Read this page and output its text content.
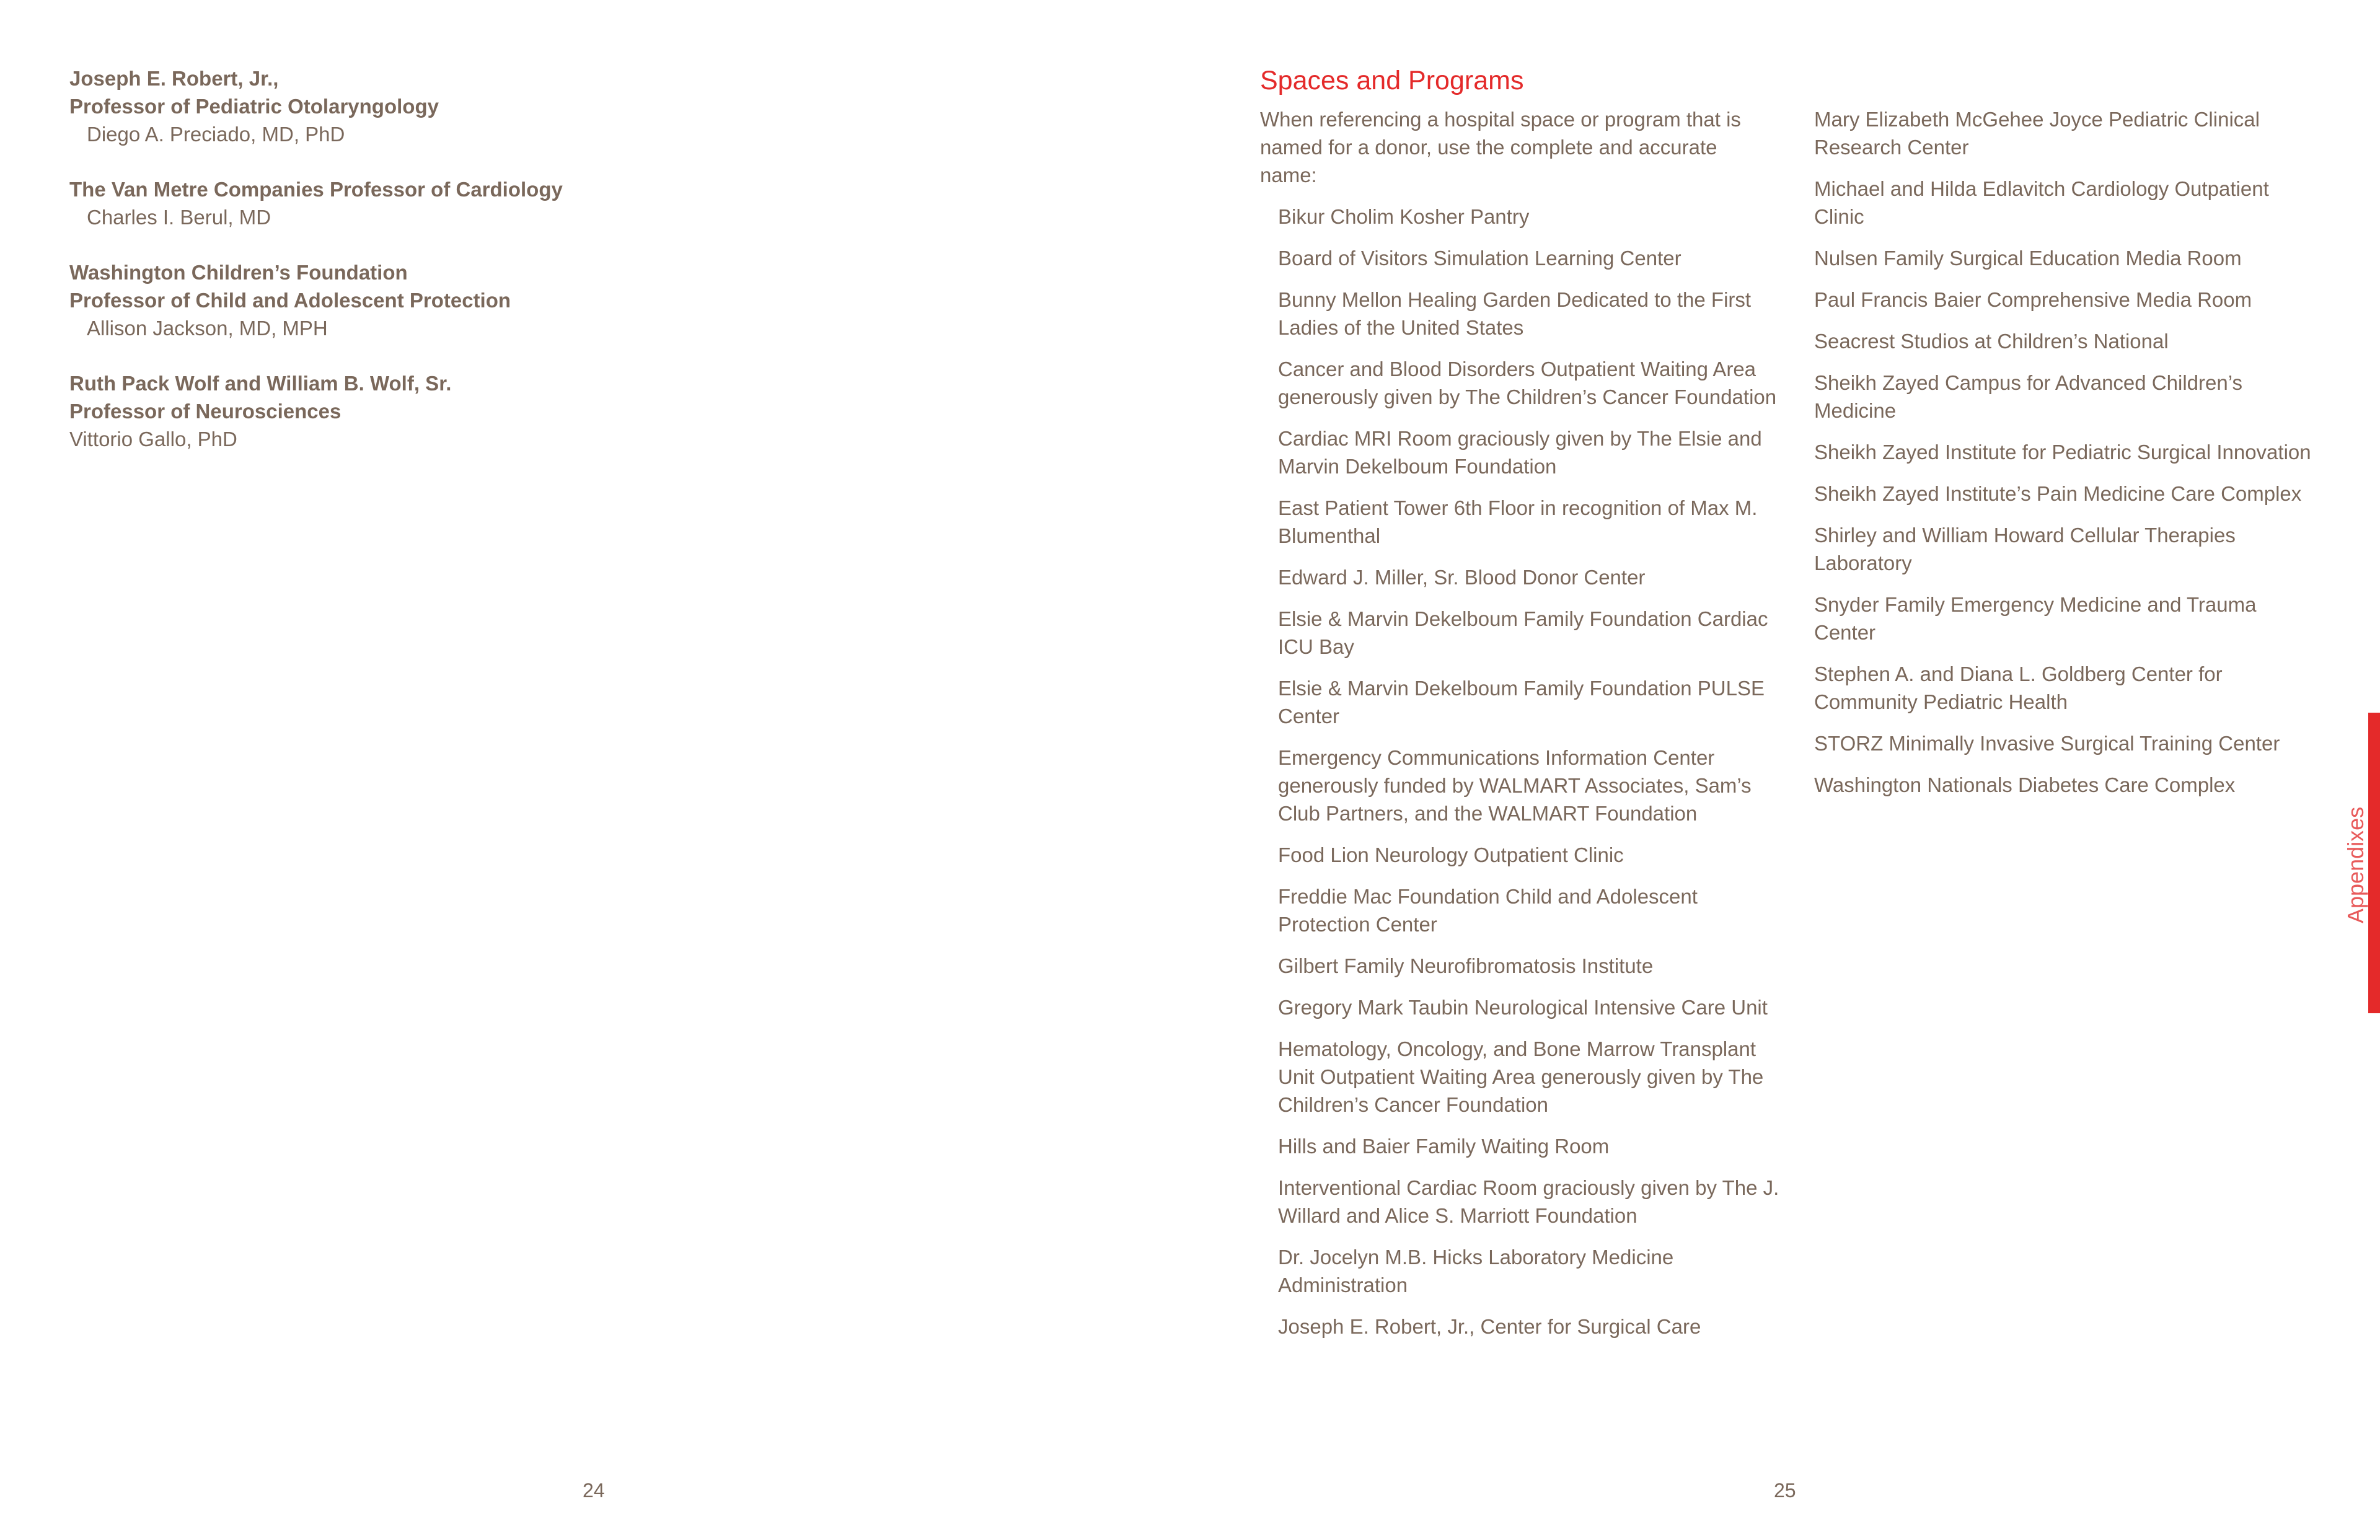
Joseph E. Robert, Jr.,

Professor of Pediatric Otolaryngology

Diego A. Preciado, MD, PhD

The Van Metre Companies Professor of Cardiology

Charles I. Berul, MD

Washington Children’s Foundation

Professor of Child and Adolescent Protection

Allison Jackson, MD, MPH

Ruth Pack Wolf and William B. Wolf, Sr.

Professor of Neurosciences

Vittorio Gallo, PhD

24
Spaces and Programs

When referencing a hospital space or program that is named for a donor, use the complete and accurate name:

Bikur Cholim Kosher Pantry
Board of Visitors Simulation Learning Center
Bunny Mellon Healing Garden Dedicated to the First Ladies of the United States
Cancer and Blood Disorders Outpatient Waiting Area generously given by The Children’s Cancer Foundation
Cardiac MRI Room graciously given by The Elsie and Marvin Dekelboum Foundation
East Patient Tower 6th Floor in recognition of Max M. Blumenthal
Edward J. Miller, Sr. Blood Donor Center
Elsie & Marvin Dekelboum Family Foundation Cardiac ICU Bay
Elsie & Marvin Dekelboum Family Foundation PULSE Center
Emergency Communications Information Center generously funded by WALMART Associates, Sam’s Club Partners, and the WALMART Foundation
Food Lion Neurology Outpatient Clinic
Freddie Mac Foundation Child and Adolescent Protection Center
Gilbert Family Neurofibromatosis Institute
Gregory Mark Taubin Neurological Intensive Care Unit
Hematology, Oncology, and Bone Marrow Transplant Unit Outpatient Waiting Area generously given by The Children’s Cancer Foundation
Hills and Baier Family Waiting Room
Interventional Cardiac Room graciously given by The J. Willard and Alice S. Marriott Foundation
Dr. Jocelyn M.B. Hicks Laboratory Medicine Administration
Joseph E. Robert, Jr., Center for Surgical Care
Mary Elizabeth McGehee Joyce Pediatric Clinical Research Center
Michael and Hilda Edlavitch Cardiology Outpatient Clinic
Nulsen Family Surgical Education Media Room
Paul Francis Baier Comprehensive Media Room
Seacrest Studios at Children’s National
Sheikh Zayed Campus for Advanced Children’s Medicine
Sheikh Zayed Institute for Pediatric Surgical Innovation
Sheikh Zayed Institute’s Pain Medicine Care Complex
Shirley and William Howard Cellular Therapies Laboratory
Snyder Family Emergency Medicine and Trauma Center
Stephen A. and Diana L. Goldberg Center for Community Pediatric Health
STORZ Minimally Invasive Surgical Training Center
Washington Nationals Diabetes Care Complex
Appendixes
25
